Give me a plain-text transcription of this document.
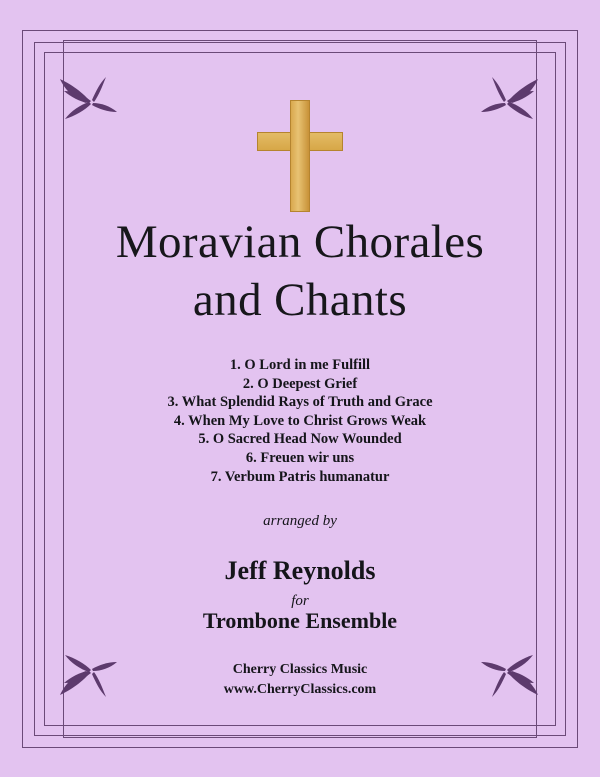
Moravian Chorales
and Chants
1. O Lord in me Fulfill
2. O Deepest Grief
3. What Splendid Rays of Truth and Grace
4. When My Love to Christ Grows Weak
5. O Sacred Head Now Wounded
6. Freuen wir uns
7. Verbum Patris humanatur
arranged by
Jeff Reynolds
for
Trombone Ensemble
Cherry Classics Music
www.CherryClassics.com
